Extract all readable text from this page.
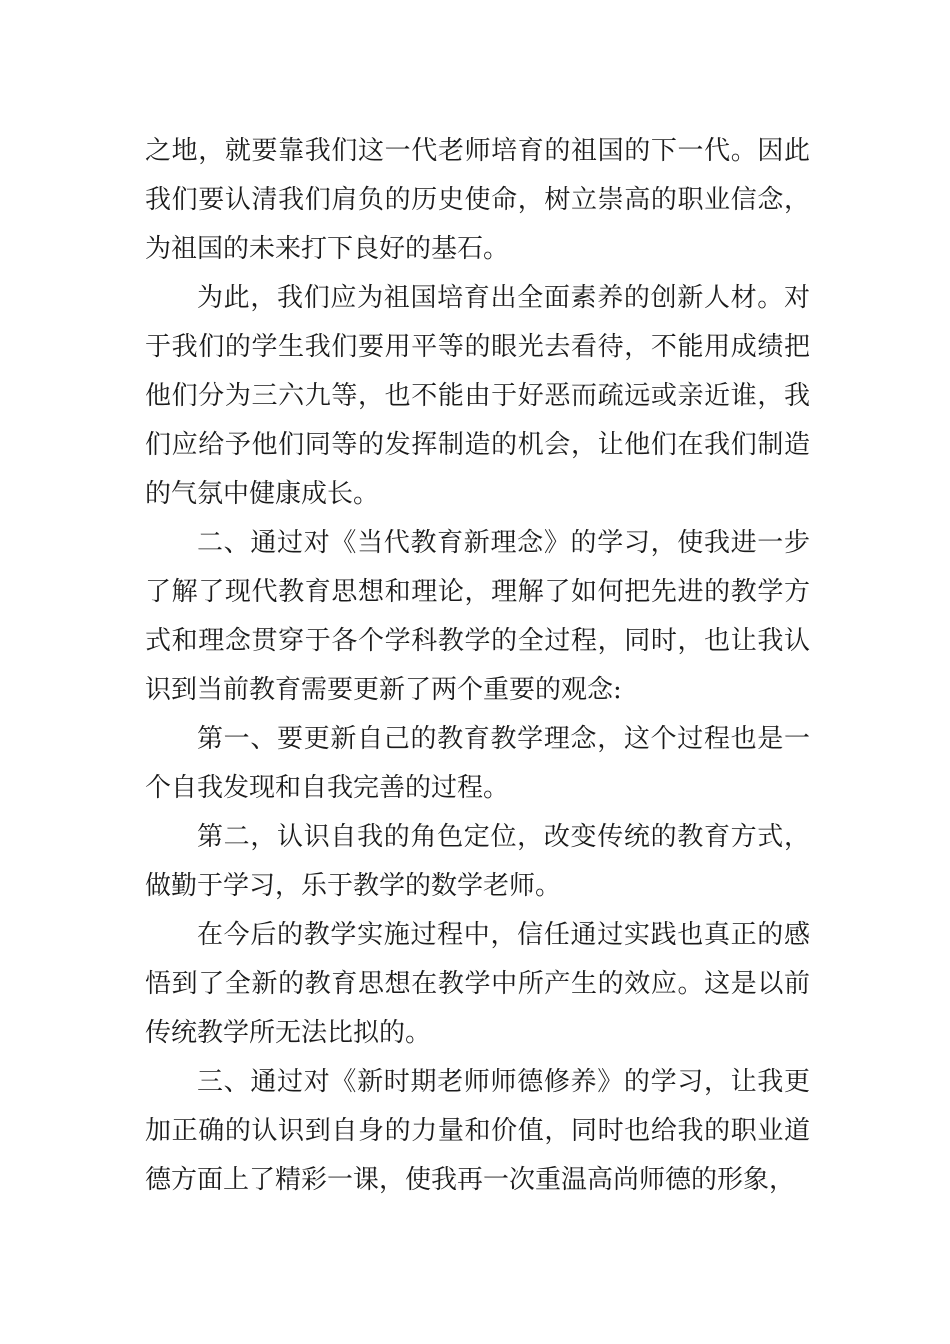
之地，就要靠我们这一代老师培育的祖国的下一代。因此我们要认清我们肩负的历史使命，树立崇高的职业信念，为祖国的未来打下良好的基石。

为此，我们应为祖国培育出全面素养的创新人材。对于我们的学生我们要用平等的眼光去看待，不能用成绩把他们分为三六九等，也不能由于好恶而疏远或亲近谁，我们应给予他们同等的发挥制造的机会，让他们在我们制造的气氛中健康成长。

二、通过对《当代教育新理念》的学习，使我进一步了解了现代教育思想和理论，理解了如何把先进的教学方式和理念贯穿于各个学科教学的全过程，同时，也让我认识到当前教育需要更新了两个重要的观念:

第一、要更新自己的教育教学理念，这个过程也是一个自我发现和自我完善的过程。

第二，认识自我的角色定位，改变传统的教育方式，做勤于学习，乐于教学的数学老师。

在今后的教学实施过程中，信任通过实践也真正的感悟到了全新的教育思想在教学中所产生的效应。这是以前传统教学所无法比拟的。

三、通过对《新时期老师师德修养》的学习，让我更加正确的认识到自身的力量和价值，同时也给我的职业道德方面上了精彩一课，使我再一次重温高尚师德的形象，
